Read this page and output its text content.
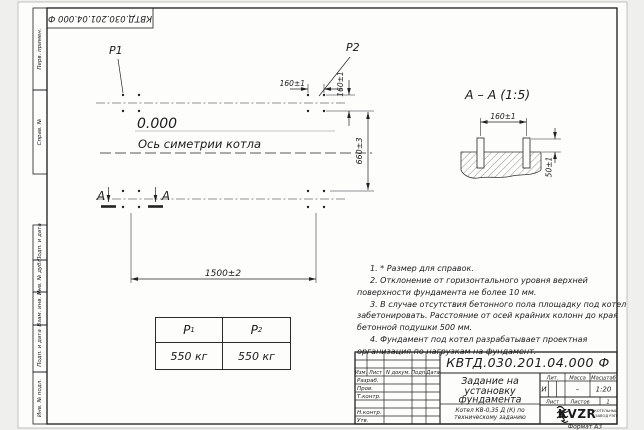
КВТД.030.201.04.000 Ф
Перв. примен.
Справ. №
Подп. и дата
Инв. № дубл.
Взам. инв. №
Подп. и дата
Инв. № подл.
P1	P2
0.000
Ось симетрии котла
160±1	160±1
660±3
1500±2
А	А
А – А (1:5)
160±1
50±1
КВТД.030.201.04.000 Ф
Изм. Лист N докум. Подп. Дата
Разраб.
Пров.
Т.контр.
Н.контр.
Утв.
Задание на
установку
фундамента
Котел КВ-0,35 Д (К) по
техническому заданию
Лит. Масса Масштаб
И	– 1:20
Лист Листов	1
KVZR
КОТЕЛЬНЫЙ
ЗАВОД РЭП
Формат А3

1. * Размер для справок.

2. Отклонение от горизонтального уровня верхней поверхности фундамента не более 10 мм.

3. В случае отсутствия бетонного пола площадку под котел забетонировать. Расстояние от осей крайних колонн до края бетонной подушки 500 мм.

4. Фундамент под котел разрабатывает проектная организация по нагрузкам на фундамент.

P 1	P 2
550 кг	550 кг
